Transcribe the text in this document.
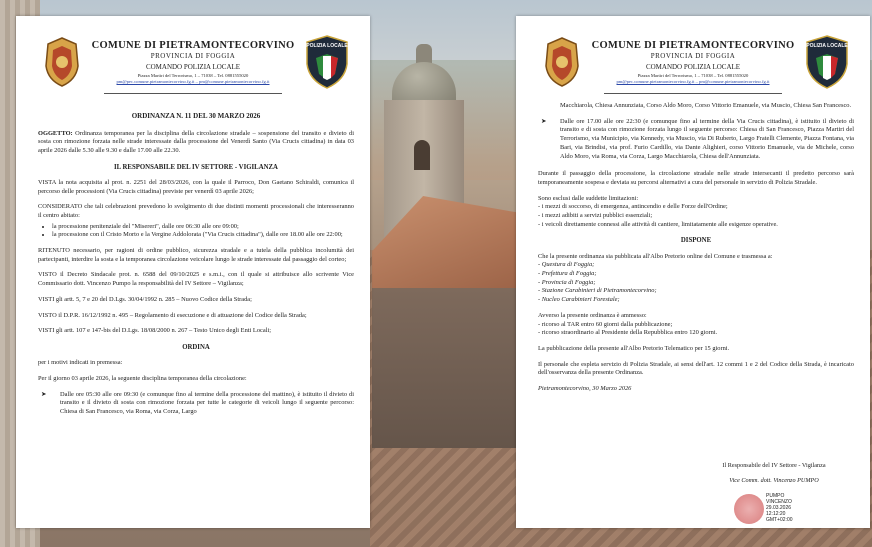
COMUNE DI PIETRAMONTECORVINO
PROVINCIA DI FOGGIA
COMANDO POLIZIA LOCALE
Piazza Martiri del Terrorismo, 1 – 71038 – Tel. 0881555020
pm@pec.comune.pietramontecorvino.fg.it – pm@comune.pietramontecorvino.fg.it
POLIZIA LOCALE
ORDINANZA N. 11 DEL 30 MARZO 2026

OGGETTO: Ordinanza temporanea per la disciplina della circolazione stradale – sospensione del transito e divieto di sosta con rimozione forzata nelle strade interessate dalla processione del Venerdì Santo (Via Crucis cittadina) in data 03 aprile 2026 dalle 5.30 alle 9.30 e dalle 17.00 alle 22.30.

IL RESPONSABILE DEL IV SETTORE - VIGILANZA

VISTA la nota acquisita al prot. n. 2251 del 28/03/2026, con la quale il Parroco, Don Gaetano Schiraldi, comunica il percorso delle processioni (Via Crucis cittadina) previste per venerdì 03 aprile 2026;

CONSIDERATO che tali celebrazioni prevedono lo svolgimento di due distinti momenti processionali che interesseranno il centro abitato:

• la processione penitenziale del "Misereri", dalle ore 06:30 alle ore 09:00;
• la processione con il Cristo Morto e la Vergine Addolorata ("Via Crucis cittadina"), dalle ore 18.00 alle ore 22:00;

RITENUTO necessario, per ragioni di ordine pubblico, sicurezza stradale e a tutela della pubblica incolumità dei partecipanti, interdire la sosta e la temporanea circolazione veicolare lungo le strade interessate dal passaggio del corteo;

VISTO il Decreto Sindacale prot. n. 6588 del 09/10/2025 e s.m.i., con il quale si attribuisce allo scrivente Vice Commissario dott. Vincenzo Pumpo la responsabilità del IV Settore – Vigilanza;

VISTI gli artt. 5, 7 e 20 del D.Lgs. 30/04/1992 n. 285 – Nuovo Codice della Strada;

VISTO il D.P.R. 16/12/1992 n. 495 – Regolamento di esecuzione e di attuazione del Codice della Strada;

VISTI gli artt. 107 e 147-bis del D.Lgs. 18/08/2000 n. 267 – Testo Unico degli Enti Locali;

ORDINA

per i motivi indicati in premessa:

Per il giorno 03 aprile 2026, la seguente disciplina temporanea della circolazione:

➤ Dalle ore 05:30 alle ore 09:30 (e comunque fino al termine della processione del mattino), è istituito il divieto di transito e il divieto di sosta con rimozione forzata per tutte le categorie di veicoli lungo il seguente percorso: Chiesa di San Francesco, via Roma, via Corza, Largo
COMUNE DI PIETRAMONTECORVINO
PROVINCIA DI FOGGIA
COMANDO POLIZIA LOCALE
Piazza Martiri del Terrorismo, 1 – 71038 – Tel. 0881555020
pm@pec.comune.pietramontecorvino.fg.it – pm@comune.pietramontecorvino.fg.it
POLIZIA LOCALE

Macchiarola, Chiesa Annunziata, Corso Aldo Moro, Corso Vittorio Emanuele, via Muscio, Chiesa San Francesco.

➤ Dalle ore 17.00 alle ore 22:30 (e comunque fino al termine della Via Crucis cittadina), è istituito il divieto di transito e di sosta con rimozione forzata lungo il seguente percorso: Chiesa di San Francesco, Piazza Martiri del Terrorismo, via Municipio, via Kennedy, via Muscio, via Di Ruberto, Largo Fratelli Clemente, Piazza Fontana, via Bari, via Brindisi, via prof. Furio Cardillo, via Dante Alighieri, corso Vittorio Emanuele, via de Michele, corso Aldo Moro, via Roma, via Corza, Largo Macchiarola, Chiesa dell'Annunziata.

Durante il passaggio della processione, la circolazione stradale nelle strade intersecanti il predetto percorso sarà temporaneamente sospesa e deviata su percorsi alternativi a cura del personale in servizio di Polizia Stradale.

Sono esclusi dalle suddette limitazioni:
- i mezzi di soccorso, di emergenza, antincendio e delle Forze dell'Ordine;
- i mezzi adibiti a servizi pubblici essenziali;
- i veicoli direttamente connessi alle attività di cantiere, limitatamente alle esigenze operative.
DISPONE
Che la presente ordinanza sia pubblicata all'Albo Pretorio online del Comune e trasmessa a:
- Questura di Foggia;
- Prefettura di Foggia;
- Provincia di Foggia;
- Stazione Carabinieri di Pietramontecorvino;
- Nucleo Carabinieri Forestale;
Avverso la presente ordinanza è ammesso:
- ricorso al TAR entro 60 giorni dalla pubblicazione;
- ricorso straordinario al Presidente della Repubblica entro 120 giorni.

La pubblicazione della presente all'Albo Pretorio Telematico per 15 giorni.

Il personale che espleta servizio di Polizia Stradale, ai sensi dell'art. 12 commi 1 e 2 del Codice della Strada, è incaricato dell'osservanza della presente Ordinanza.

Pietramontecorvino, 30 Marzo 2026

Il Responsabile del IV Settore - Vigilanza
Vice Comm. dott. Vincenzo PUMPO
PUMPO
VINCENZO
29.03.2026
12:12:20
GMT+02:00
